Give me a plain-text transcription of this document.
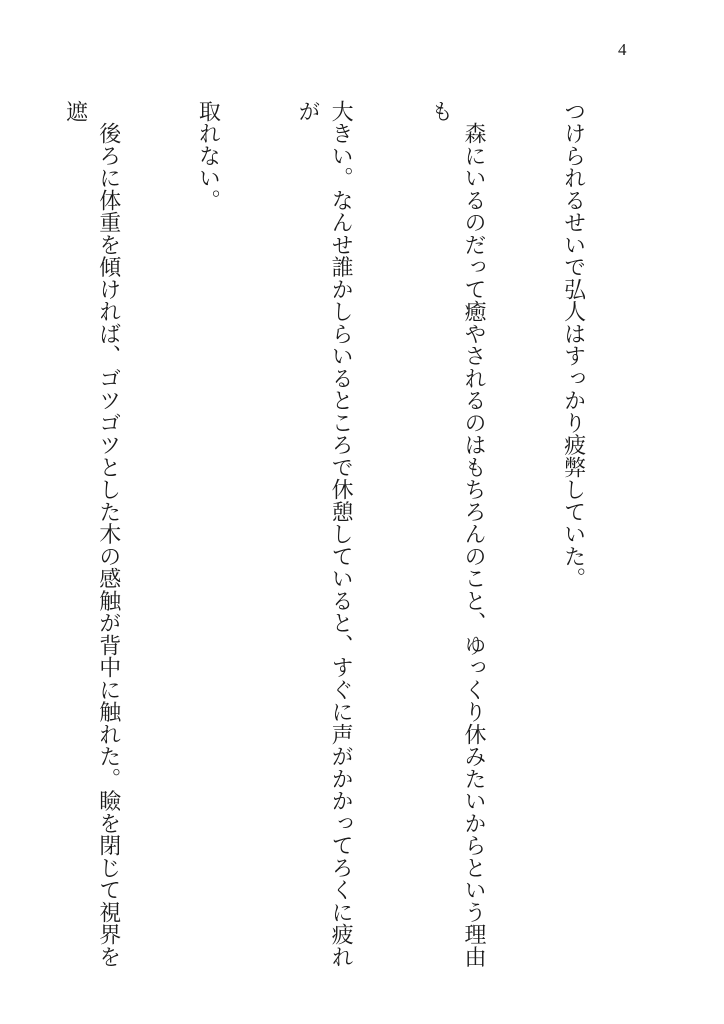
4

つけられるせいで弘人はすっかり疲弊していた。

　森にいるのだって癒やされるのはもちろんのこと、ゆっくり休みたいからという理由も

大きい。なんせ誰かしらいるところで休憩していると、すぐに声がかかってろくに疲れが

取れない。

　後ろに体重を傾ければ、ゴツゴツとした木の感触が背中に触れた。瞼を閉じて視界を遮
